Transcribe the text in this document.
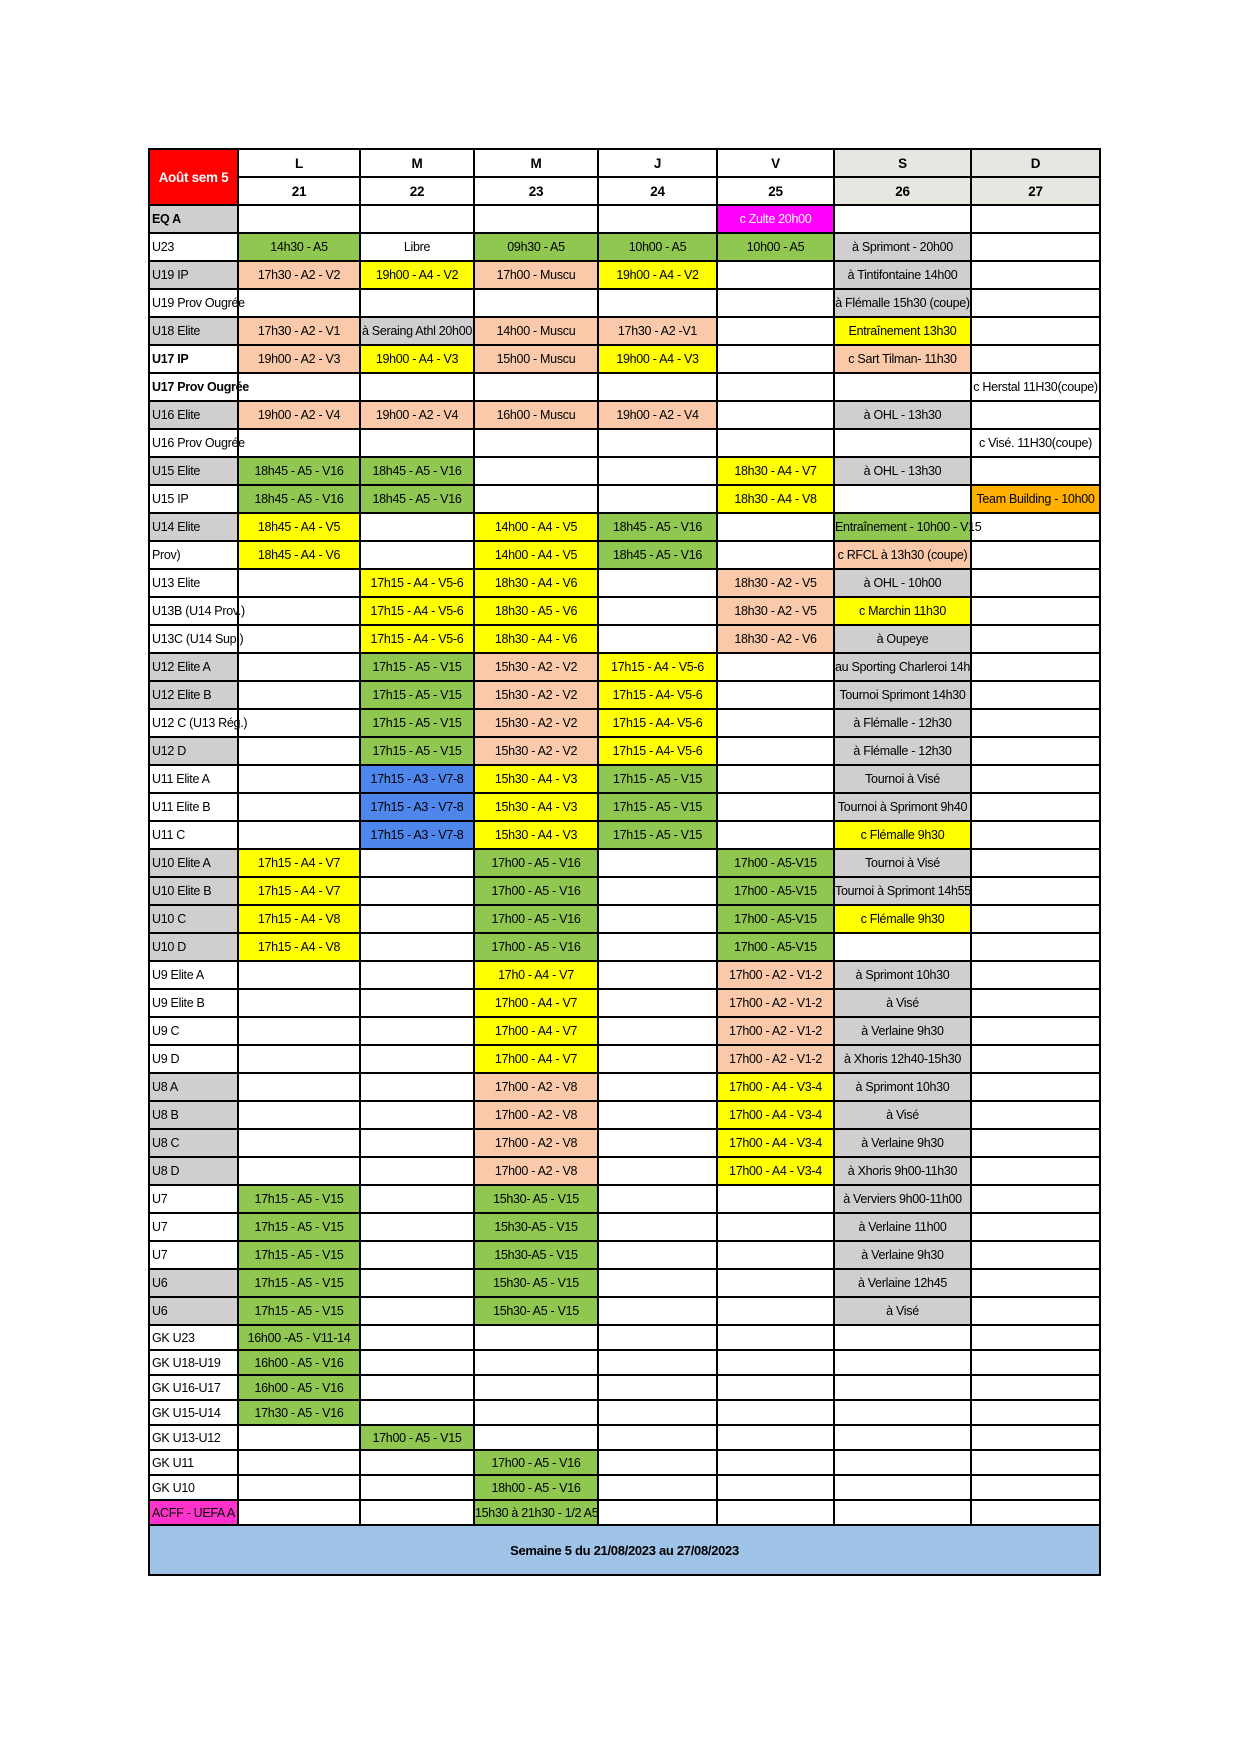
Août sem 5	L	M	M	J	V	S	D
	21	22	23	24	25	26	27
EQ A					c Zulte 20h00		
U23	14h30 - A5	Libre	09h30 - A5	10h00 - A5	10h00 - A5	à Sprimont - 20h00	
U19 IP	17h30 - A2 - V2	19h00 - A4 - V2	17h00 - Muscu	19h00 - A4 - V2		à Tintifontaine 14h00	
U19 Prov Ougrée						à Flémalle 15h30 (coupe)	
U18 Elite	17h30 - A2 - V1	à Seraing Athl 20h00	14h00 - Muscu	17h30 - A2 -V1		Entraînement 13h30	
U17 IP	19h00 - A2 - V3	19h00 - A4 - V3	15h00 - Muscu	19h00 - A4 - V3		c Sart Tilman- 11h30	
U17 Prov Ougrée							c Herstal 11H30(coupe)
U16 Elite	19h00 - A2 - V4	19h00 - A2 - V4	16h00 - Muscu	19h00 - A2 - V4		à OHL - 13h30	
U16 Prov Ougrée							c Visé. 11H30(coupe)
U15 Elite	18h45 - A5 - V16	18h45 - A5 - V16			18h30 - A4 - V7	à OHL - 13h30	
U15 IP	18h45 - A5 - V16	18h45 - A5 - V16			18h30 - A4 - V8		Team Building - 10h00
U14 Elite	18h45 - A4 - V5		14h00 - A4 - V5	18h45 - A5 - V16		Entraînement - 10h00 - V15	
Prov)	18h45 - A4 - V6		14h00 - A4 - V5	18h45 - A5 - V16		c RFCL à 13h30 (coupe)	
U13 Elite		17h15 - A4 - V5-6	18h30 - A4 - V6		18h30 - A2 - V5	à OHL - 10h00	
U13B (U14 Prov.)		17h15 - A4 - V5-6	18h30 - A5 - V6		18h30 - A2 - V5	c Marchin 11h30	
U13C (U14 Sup.)		17h15 - A4 - V5-6	18h30 - A4 - V6		18h30 - A2 - V6	à Oupeye	
U12 Elite A		17h15 - A5 - V15	15h30 - A2 - V2	17h15 - A4 - V5-6		au Sporting Charleroi 14h	
U12 Elite B		17h15 - A5 - V15	15h30 - A2 - V2	17h15 - A4- V5-6		Tournoi Sprimont 14h30	
U12 C (U13 Rég.)		17h15 - A5 - V15	15h30 - A2 - V2	17h15 - A4- V5-6		à Flémalle - 12h30	
U12 D		17h15 - A5 - V15	15h30 - A2 - V2	17h15 - A4- V5-6		à Flémalle - 12h30	
U11 Elite A		17h15 - A3 - V7-8	15h30 - A4 - V3	17h15 - A5 - V15		Tournoi à Visé	
U11 Elite B		17h15 - A3 - V7-8	15h30 - A4 - V3	17h15 - A5 - V15		Tournoi à Sprimont 9h40	
U11 C		17h15 - A3 - V7-8	15h30 - A4 - V3	17h15 - A5 - V15		c Flémalle 9h30	
U10 Elite A	17h15 - A4 - V7		17h00 - A5 - V16		17h00 - A5-V15	Tournoi à Visé	
U10 Elite B	17h15 - A4 - V7		17h00 - A5 - V16		17h00 - A5-V15	Tournoi à Sprimont 14h55	
U10 C	17h15 - A4 - V8		17h00 - A5 - V16		17h00 - A5-V15	c Flémalle 9h30	
U10 D	17h15 - A4 - V8		17h00 - A5 - V16		17h00 - A5-V15		
U9 Elite A			17h0 - A4 - V7		17h00 - A2 - V1-2	à Sprimont 10h30	
U9 Elite B			17h00 - A4 - V7		17h00 - A2 - V1-2	à Visé	
U9 C			17h00 - A4 - V7		17h00 - A2 - V1-2	à Verlaine 9h30	
U9 D			17h00 - A4 - V7		17h00 - A2 - V1-2	à Xhoris 12h40-15h30	
U8 A			17h00 - A2 - V8		17h00 - A4 - V3-4	à Sprimont 10h30	
U8 B			17h00 - A2 - V8		17h00 - A4 - V3-4	à Visé	
U8 C			17h00 - A2 - V8		17h00 - A4 - V3-4	à Verlaine 9h30	
U8 D			17h00 - A2 - V8		17h00 - A4 - V3-4	à Xhoris 9h00-11h30	
U7	17h15 - A5 - V15		15h30- A5 - V15			à Verviers 9h00-11h00	
U7	17h15 - A5 - V15		15h30-A5 - V15			à Verlaine 11h00	
U7	17h15 - A5 - V15		15h30-A5 - V15			à Verlaine 9h30	
U6	17h15 - A5 - V15		15h30- A5 - V15			à Verlaine 12h45	
U6	17h15 - A5 - V15		15h30- A5 - V15			à Visé	
GK U23	16h00 -A5 - V11-14						
GK U18-U19	16h00 - A5 - V16						
GK U16-U17	16h00 - A5 - V16						
GK U15-U14	17h30 - A5 - V16						
GK U13-U12		17h00 - A5 - V15					
GK U11			17h00 - A5 - V16				
GK U10			18h00 - A5 - V16				
ACFF - UEFA A			15h30 à 21h30 - 1/2 A5				
Semaine 5 du 21/08/2023 au 27/08/2023							
